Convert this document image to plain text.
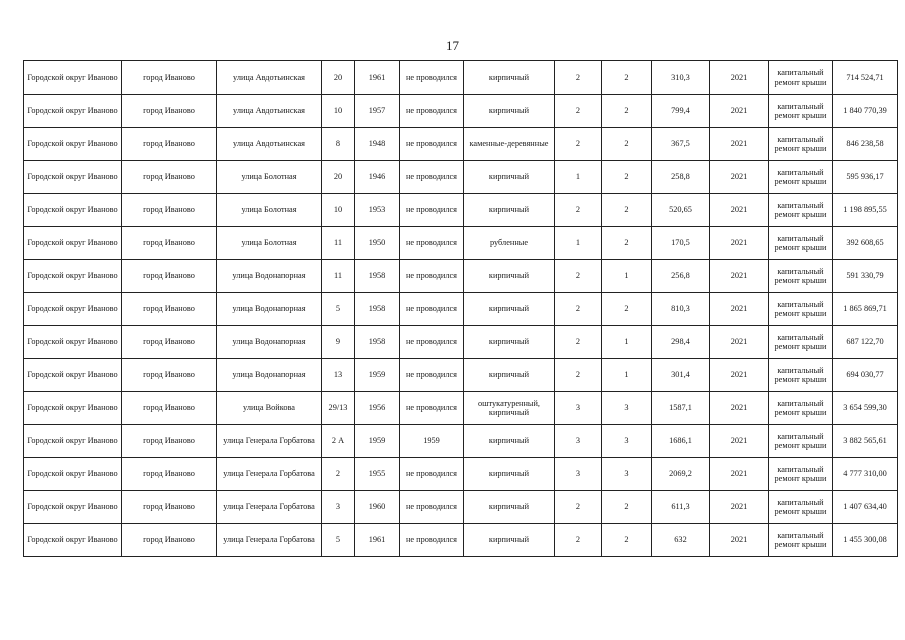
17
Городской округ Иваново	город Иваново	улица Авдотьинская	20	1961	не проводился	кирпичный	2	2	310,3	2021	капитальный ремонт крыши	714 524,71
Городской округ Иваново	город Иваново	улица Авдотьинская	10	1957	не проводился	кирпичный	2	2	799,4	2021	капитальный ремонт крыши	1 840 770,39
Городской округ Иваново	город Иваново	улица Авдотьинская	8	1948	не проводился	каменные-деревянные	2	2	367,5	2021	капитальный ремонт крыши	846 238,58
Городской округ Иваново	город Иваново	улица Болотная	20	1946	не проводился	кирпичный	1	2	258,8	2021	капитальный ремонт крыши	595 936,17
Городской округ Иваново	город Иваново	улица Болотная	10	1953	не проводился	кирпичный	2	2	520,65	2021	капитальный ремонт крыши	1 198 895,55
Городской округ Иваново	город Иваново	улица Болотная	11	1950	не проводился	рубленные	1	2	170,5	2021	капитальный ремонт крыши	392 608,65
Городской округ Иваново	город Иваново	улица Водонапорная	11	1958	не проводился	кирпичный	2	1	256,8	2021	капитальный ремонт крыши	591 330,79
Городской округ Иваново	город Иваново	улица Водонапорная	5	1958	не проводился	кирпичный	2	2	810,3	2021	капитальный ремонт крыши	1 865 869,71
Городской округ Иваново	город Иваново	улица Водонапорная	9	1958	не проводился	кирпичный	2	1	298,4	2021	капитальный ремонт крыши	687 122,70
Городской округ Иваново	город Иваново	улица Водонапорная	13	1959	не проводился	кирпичный	2	1	301,4	2021	капитальный ремонт крыши	694 030,77
Городской округ Иваново	город Иваново	улица Войкова	29/13	1956	не проводился	оштукатуренный, кирпичный	3	3	1587,1	2021	капитальный ремонт крыши	3 654 599,30
Городской округ Иваново	город Иваново	улица Генерала Горбатова	2 А	1959	1959	кирпичный	3	3	1686,1	2021	капитальный ремонт крыши	3 882 565,61
Городской округ Иваново	город Иваново	улица Генерала Горбатова	2	1955	не проводился	кирпичный	3	3	2069,2	2021	капитальный ремонт крыши	4 777 310,00
Городской округ Иваново	город Иваново	улица Генерала Горбатова	3	1960	не проводился	кирпичный	2	2	611,3	2021	капитальный ремонт крыши	1 407 634,40
Городской округ Иваново	город Иваново	улица Генерала Горбатова	5	1961	не проводился	кирпичный	2	2	632	2021	капитальный ремонт крыши	1 455 300,08
